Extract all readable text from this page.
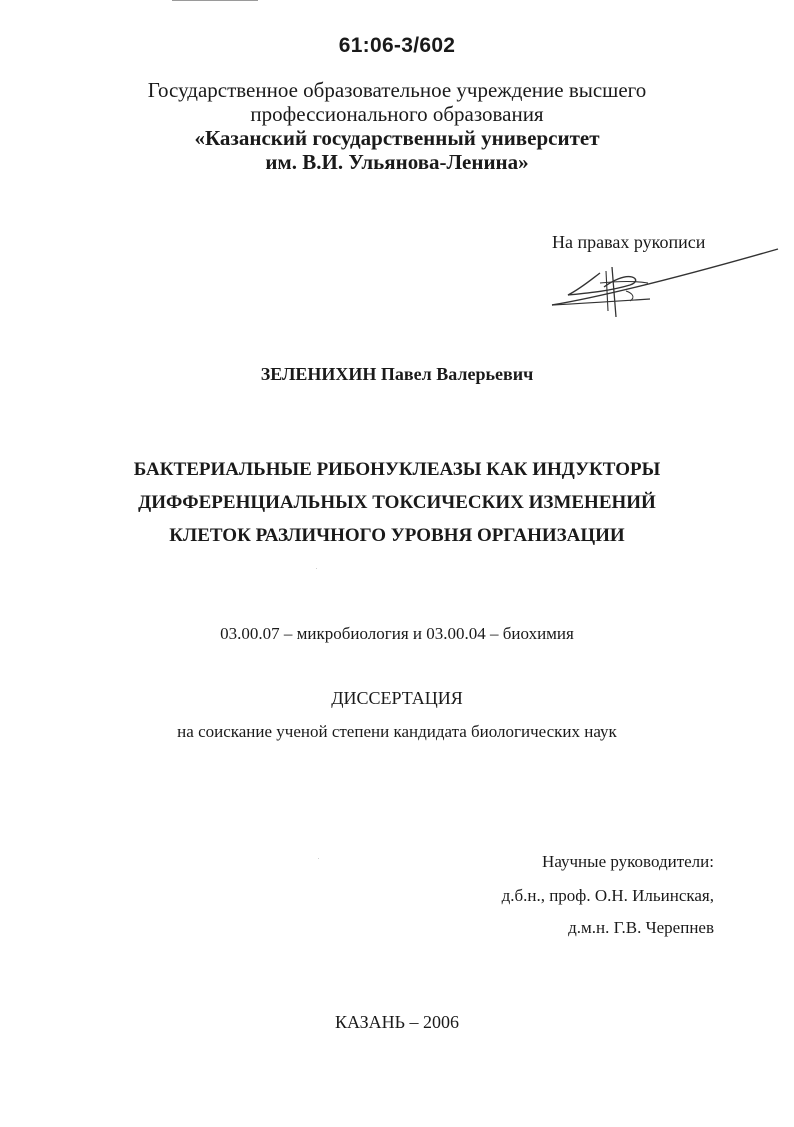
61:06-3/602
Государственное образовательное учреждение высшего
профессионального образования
«Казанский государственный университет
им. В.И. Ульянова-Ленина»
На правах рукописи
ЗЕЛЕНИХИН Павел Валерьевич
БАКТЕРИАЛЬНЫЕ РИБОНУКЛЕАЗЫ КАК ИНДУКТОРЫ
ДИФФЕРЕНЦИАЛЬНЫХ ТОКСИЧЕСКИХ ИЗМЕНЕНИЙ
КЛЕТОК РАЗЛИЧНОГО УРОВНЯ ОРГАНИЗАЦИИ
03.00.07 – микробиология и 03.00.04 – биохимия
ДИССЕРТАЦИЯ
на соискание ученой степени кандидата биологических наук
Научные руководители:
д.б.н., проф. О.Н. Ильинская,
д.м.н. Г.В. Черепнев
КАЗАНЬ – 2006
